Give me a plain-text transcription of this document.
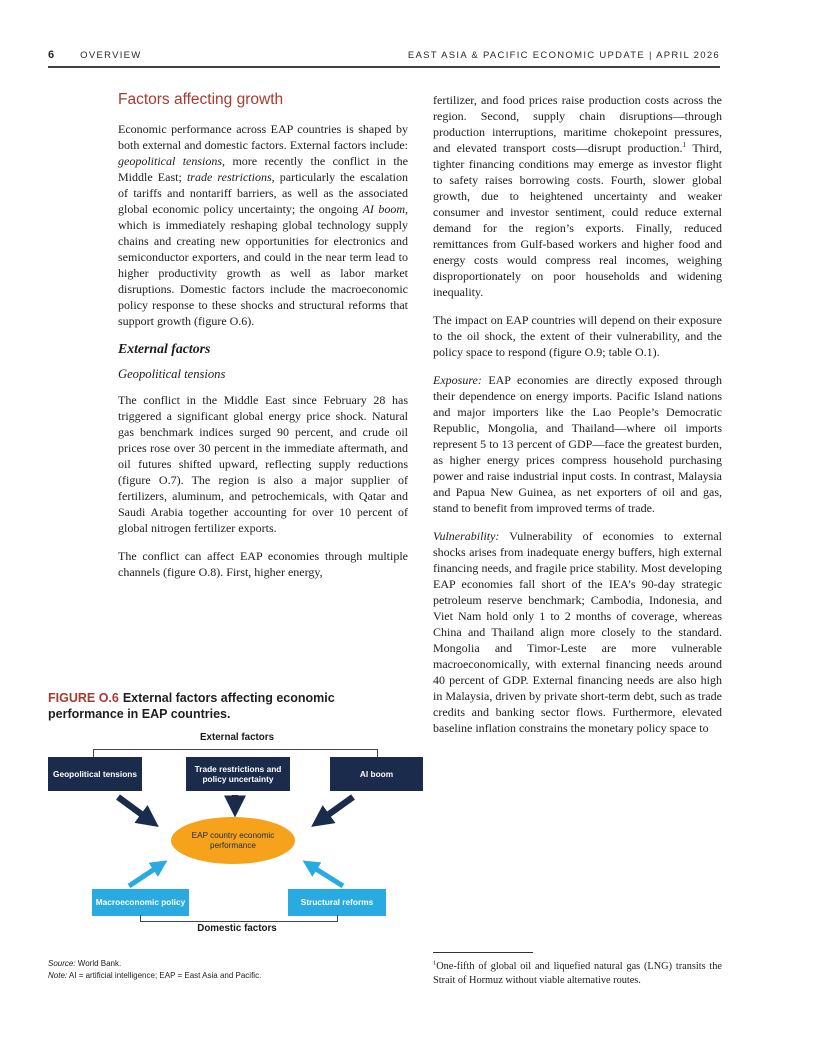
6	OVERVIEW	EAST ASIA & PACIFIC ECONOMIC UPDATE | APRIL 2026
Factors affecting growth

Economic performance across EAP countries is shaped by both external and domestic factors. External factors include: geopolitical tensions, more recently the conflict in the Middle East; trade restrictions, particularly the escalation of tariffs and nontariff barriers, as well as the associated global economic policy uncertainty; the ongoing AI boom, which is immediately reshaping global technology supply chains and creating new opportunities for electronics and semiconductor exporters, and could in the near term lead to higher productivity growth as well as labor market disruptions. Domestic factors include the macroeconomic policy response to these shocks and structural reforms that support growth (figure O.6).

External factors
Geopolitical tensions

The conflict in the Middle East since February 28 has triggered a significant global energy price shock. Natural gas benchmark indices surged 90 percent, and crude oil prices rose over 30 percent in the immediate aftermath, and oil futures shifted upward, reflecting supply reductions (figure O.7). The region is also a major supplier of fertilizers, aluminum, and petrochemicals, with Qatar and Saudi Arabia together accounting for over 10 percent of global nitrogen fertilizer exports.

The conflict can affect EAP economies through multiple channels (figure O.8). First, higher energy,

fertilizer, and food prices raise production costs across the region. Second, supply chain disruptions—through production interruptions, maritime chokepoint pressures, and elevated transport costs—disrupt production.$^1$ Third, tighter financing conditions may emerge as investor flight to safety raises borrowing costs. Fourth, slower global growth, due to heightened uncertainty and weaker consumer and investor sentiment, could reduce external demand for the region’s exports. Finally, reduced remittances from Gulf-based workers and higher food and energy costs would compress real incomes, weighing disproportionately on poor households and widening inequality.

The impact on EAP countries will depend on their exposure to the oil shock, the extent of their vulnerability, and the policy space to respond (figure O.9; table O.1).

Exposure: EAP economies are directly exposed through their dependence on energy imports. Pacific Island nations and major importers like the Lao People’s Democratic Republic, Mongolia, and Thailand—where oil imports represent 5 to 13 percent of GDP—face the greatest burden, as higher energy prices compress household purchasing power and raise industrial input costs. In contrast, Malaysia and Papua New Guinea, as net exporters of oil and gas, stand to benefit from improved terms of trade.

Vulnerability: Vulnerability of economies to external shocks arises from inadequate energy buffers, high external financing needs, and fragile price stability. Most developing EAP economies fall short of the IEA’s 90-day strategic petroleum reserve benchmark; Cambodia, Indonesia, and Viet Nam hold only 1 to 2 months of coverage, whereas China and Thailand align more closely to the standard. Mongolia and Timor-Leste are more vulnerable macroeconomically, with external financing needs around 40 percent of GDP. External financing needs are also high in Malaysia, driven by private short-term debt, such as trade credits and banking sector flows. Furthermore, elevated baseline inflation constrains the monetary policy space to

$^1$One-fifth of global oil and liquefied natural gas (LNG) transits the Strait of Hormuz without viable alternative routes.
FIGURE O.6 External factors affecting economic performance in EAP countries.
External factors
Geopolitical tensions
Trade restrictions and policy uncertainty
AI boom
EAP country economic performance
Macroeconomic policy	Structural reforms
Domestic factors

Source: World Bank.

Note: AI = artificial intelligence; EAP = East Asia and Pacific.
